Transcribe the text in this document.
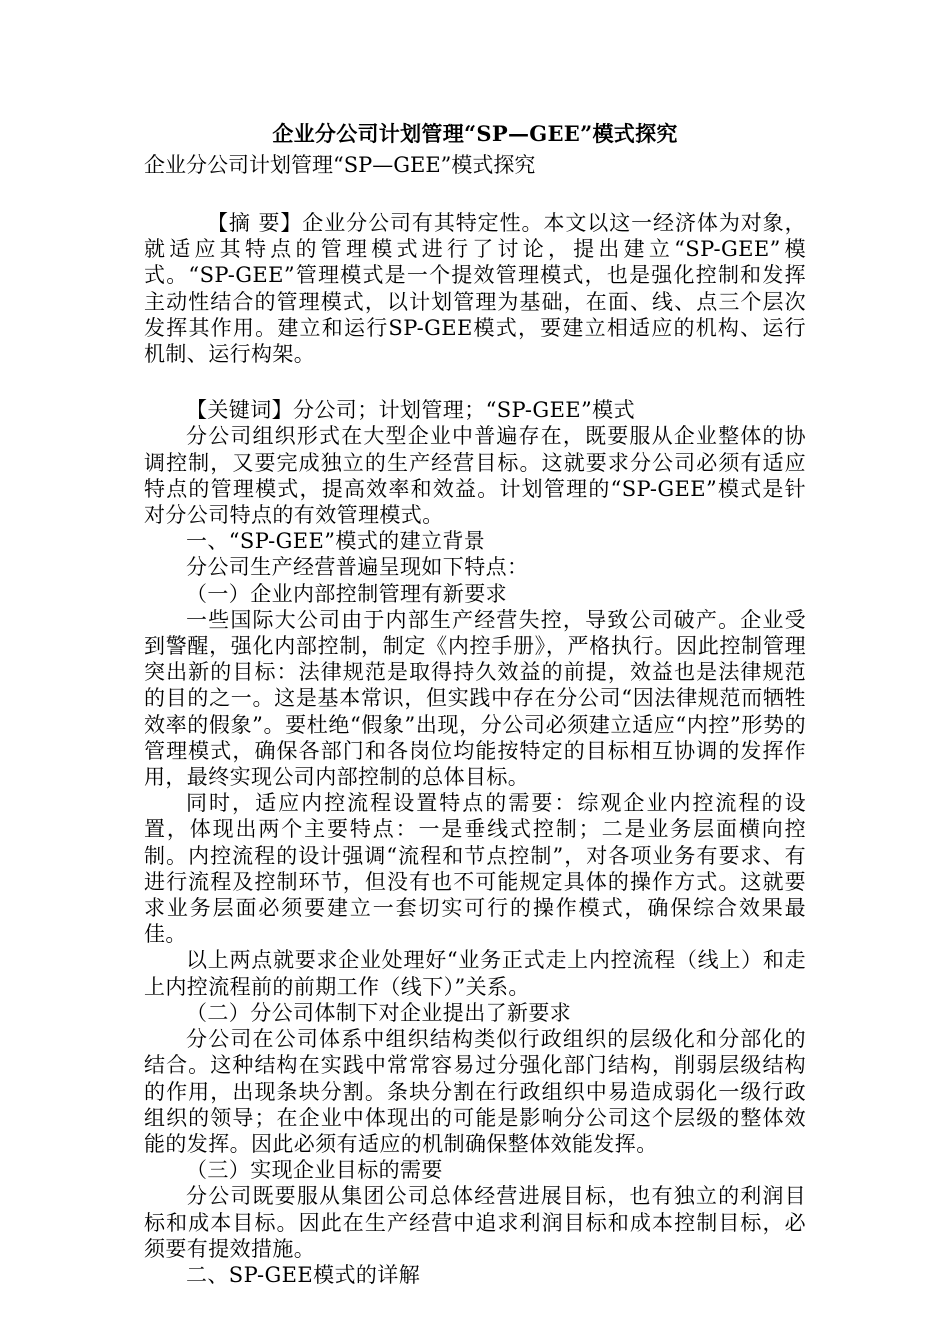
企业分公司计划管理“SP—GEE”模式探究

企业分公司计划管理“SP—GEE”模式探究

【摘 要】企业分公司有其特定性。本文以这一经济体为对象，就适应其特点的管理模式进行了讨论，提出建立“SP-GEE”模式。“SP-GEE”管理模式是一个提效管理模式，也是强化控制和发挥主动性结合的管理模式，以计划管理为基础，在面、线、点三个层次发挥其作用。建立和运行SP-GEE模式，要建立相适应的机构、运行机制、运行构架。

【关键词】分公司；计划管理；“SP-GEE”模式

分公司组织形式在大型企业中普遍存在，既要服从企业整体的协调控制，又要完成独立的生产经营目标。这就要求分公司必须有适应特点的管理模式，提高效率和效益。计划管理的“SP-GEE”模式是针对分公司特点的有效管理模式。

一、“SP-GEE”模式的建立背景

分公司生产经营普遍呈现如下特点：

（一）企业内部控制管理有新要求

一些国际大公司由于内部生产经营失控，导致公司破产。企业受到警醒，强化内部控制，制定《内控手册》，严格执行。因此控制管理突出新的目标：法律规范是取得持久效益的前提，效益也是法律规范的目的之一。这是基本常识，但实践中存在分公司“因法律规范而牺牲效率的假象”。要杜绝“假象”出现，分公司必须建立适应“内控”形势的管理模式，确保各部门和各岗位均能按特定的目标相互协调的发挥作用，最终实现公司内部控制的总体目标。

同时，适应内控流程设置特点的需要：综观企业内控流程的设置，体现出两个主要特点：一是垂线式控制；二是业务层面横向控制。内控流程的设计强调“流程和节点控制”，对各项业务有要求、有进行流程及控制环节，但没有也不可能规定具体的操作方式。这就要求业务层面必须要建立一套切实可行的操作模式，确保综合效果最佳。

以上两点就要求企业处理好“业务正式走上内控流程（线上）和走上内控流程前的前期工作（线下）”关系。

（二）分公司体制下对企业提出了新要求

分公司在公司体系中组织结构类似行政组织的层级化和分部化的结合。这种结构在实践中常常容易过分强化部门结构，削弱层级结构的作用，出现条块分割。条块分割在行政组织中易造成弱化一级行政组织的领导；在企业中体现出的可能是影响分公司这个层级的整体效能的发挥。因此必须有适应的机制确保整体效能发挥。

（三）实现企业目标的需要

分公司既要服从集团公司总体经营进展目标，也有独立的利润目标和成本目标。因此在生产经营中追求利润目标和成本控制目标，必须要有提效措施。

二、SP-GEE模式的详解
